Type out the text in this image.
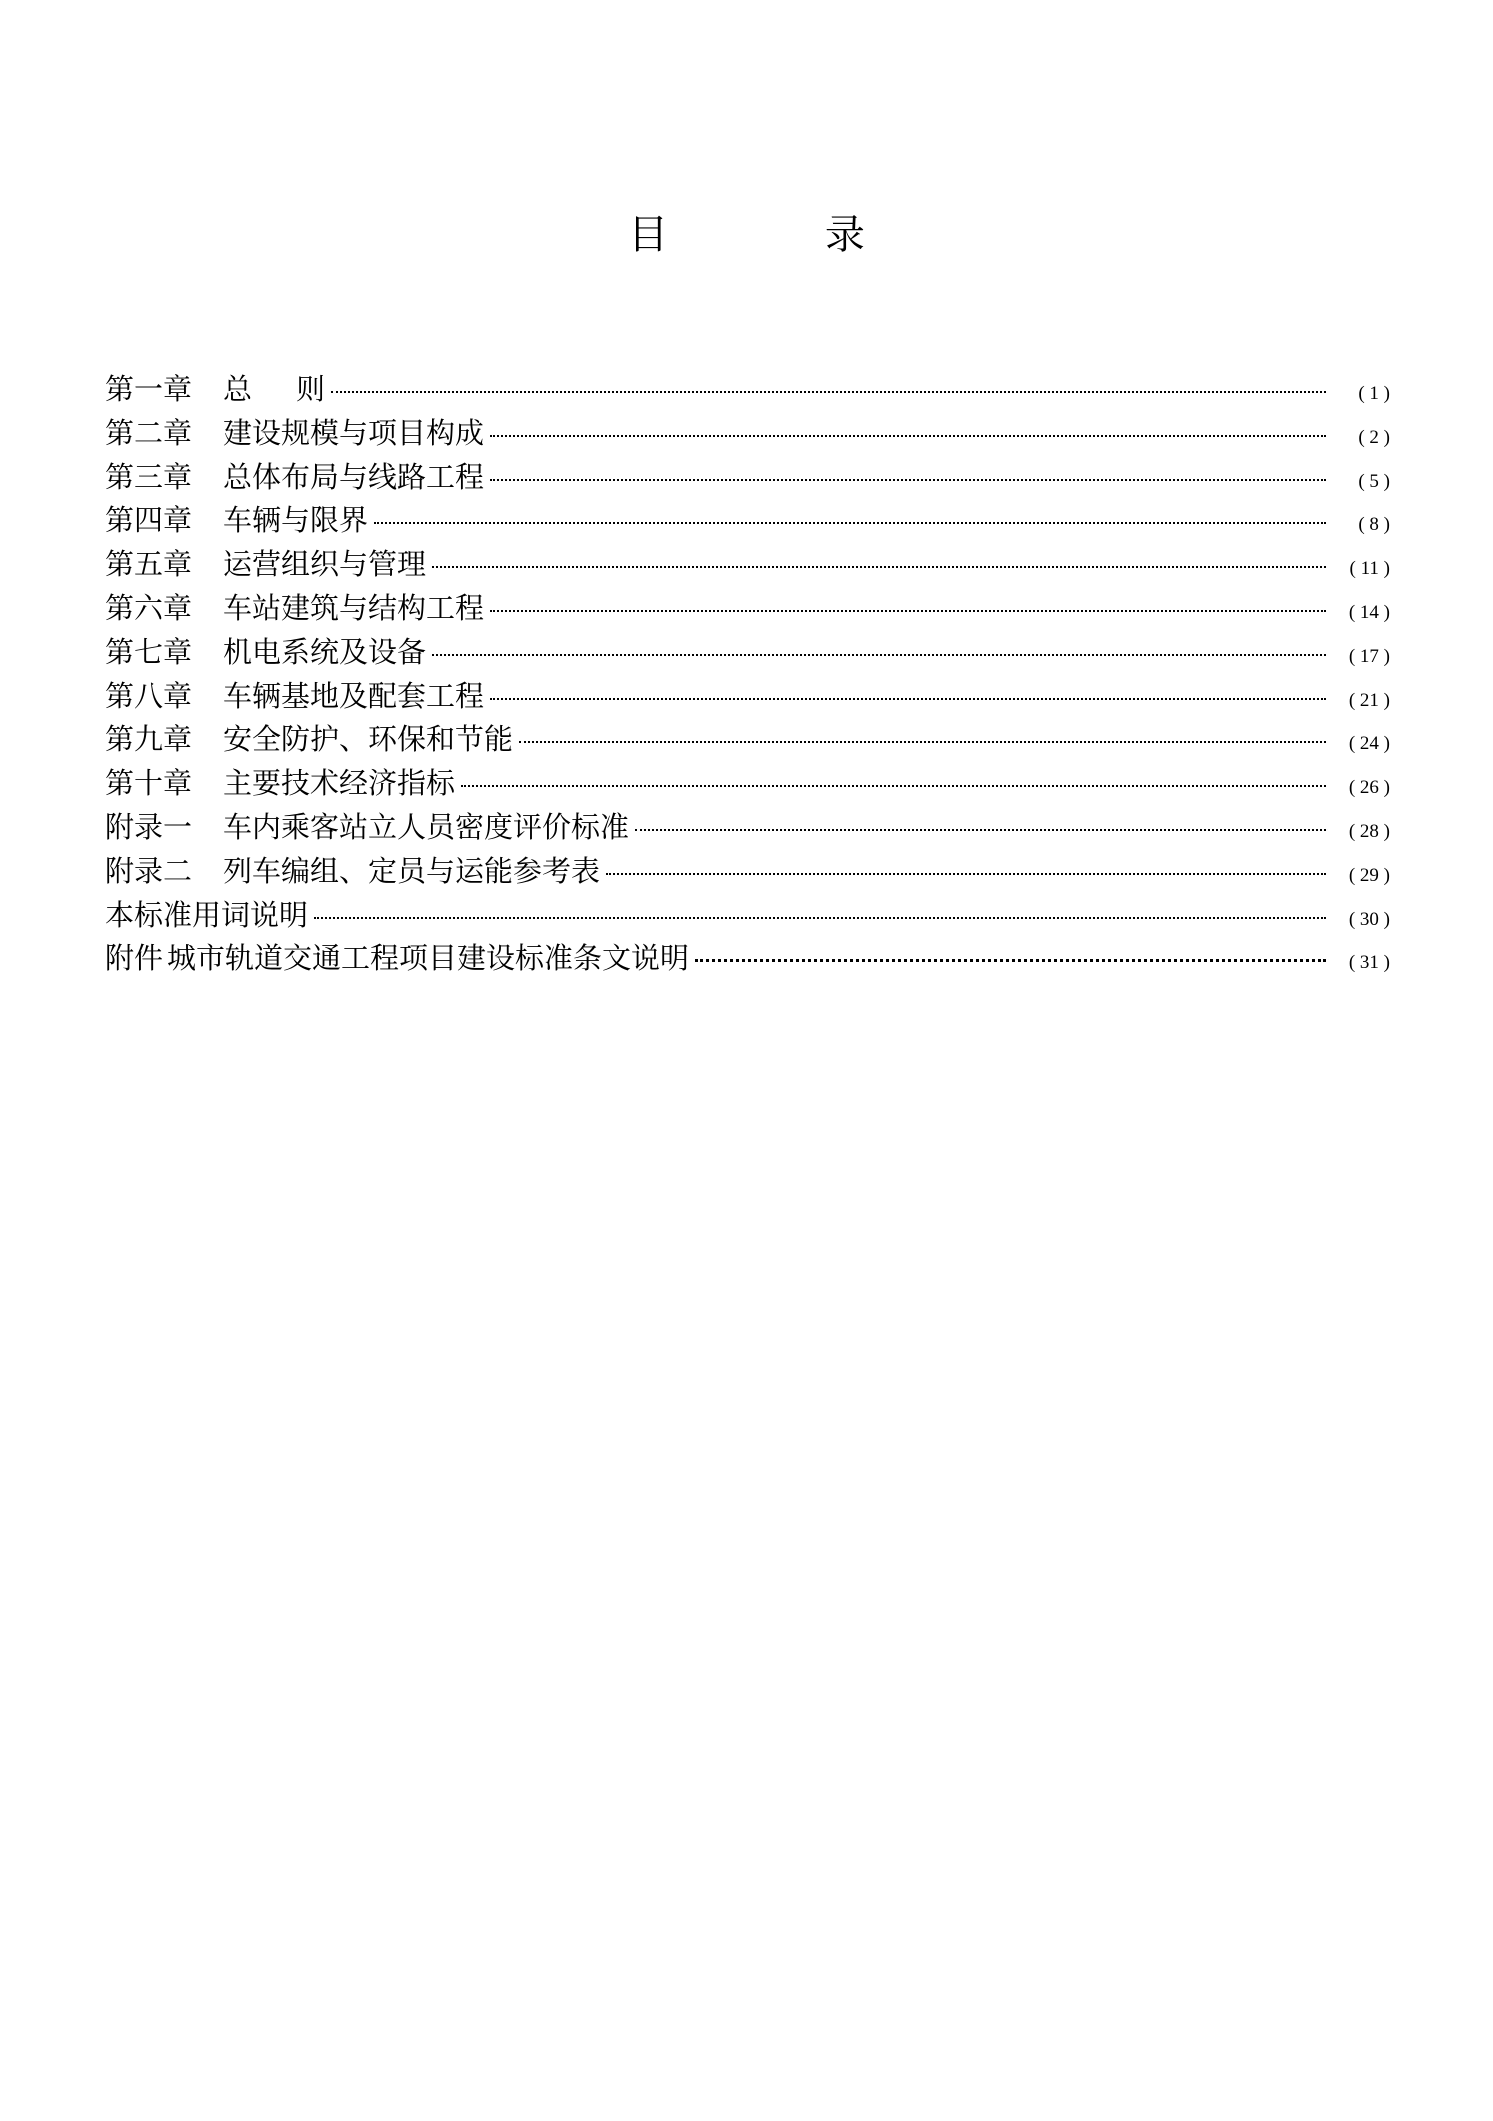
目 录
第一章 总则	( 1 )
第二章 建设规模与项目构成	( 2 )
第三章 总体布局与线路工程	( 5 )
第四章 车辆与限界	( 8 )
第五章 运营组织与管理	( 11 )
第六章 车站建筑与结构工程	( 14 )
第七章 机电系统及设备	( 17 )
第八章 车辆基地及配套工程	( 21 )
第九章 安全防护、环保和节能	( 24 )
第十章 主要技术经济指标	( 26 )
附录一 车内乘客站立人员密度评价标准	( 28 )
附录二 列车编组、定员与运能参考表	( 29 )
本标准用词说明	( 30 )
附件 城市轨道交通工程项目建设标准条文说明	( 31 )
